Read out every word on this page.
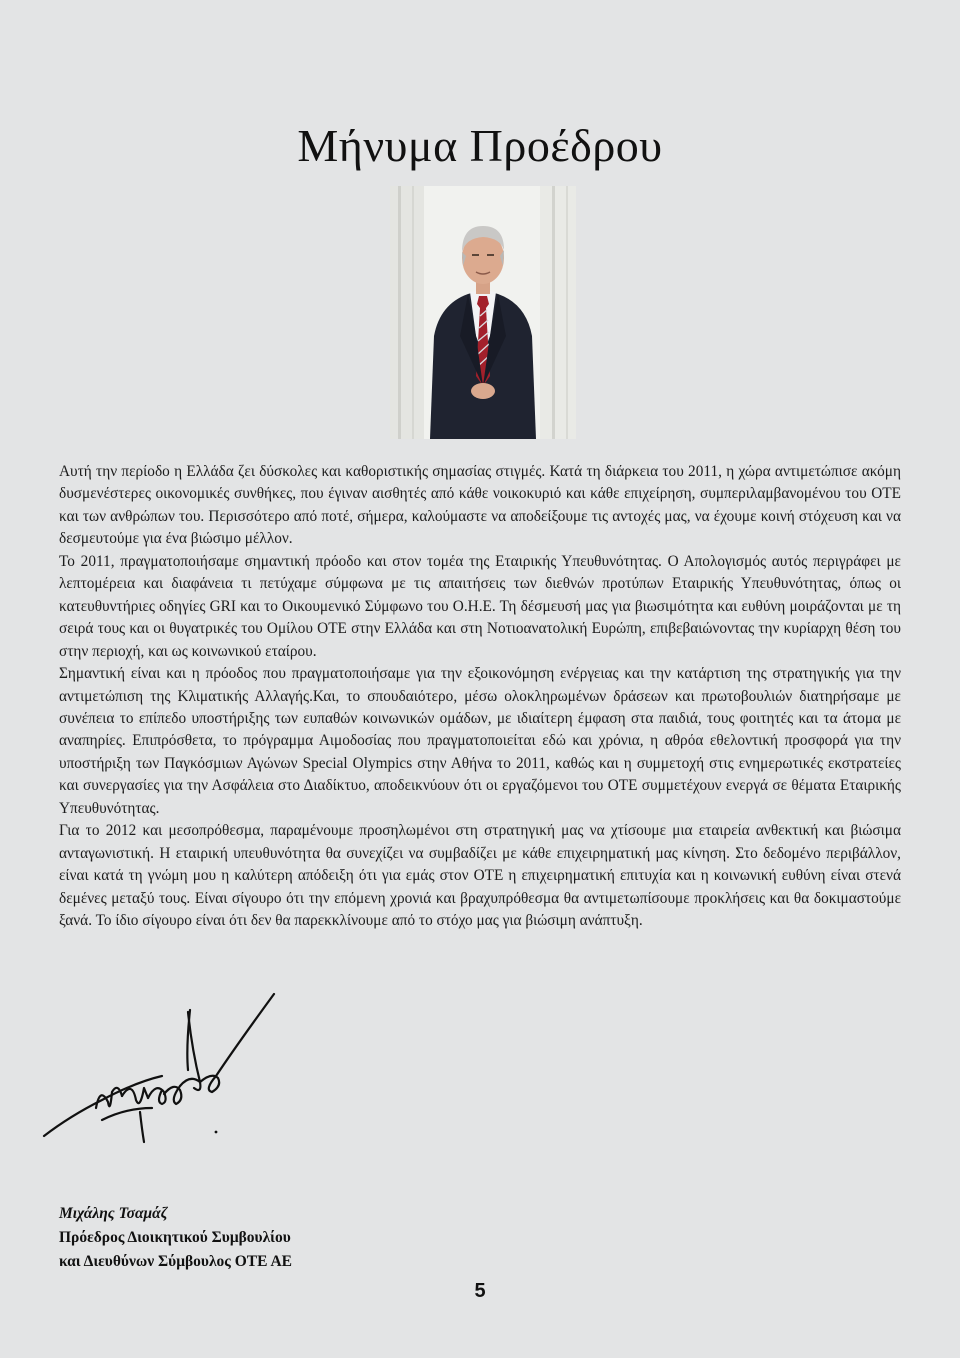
Μήνυμα Προέδρου

Αυτή την περίοδο η Ελλάδα ζει δύσκολες και καθοριστικής σημασίας στιγμές. Κατά τη διάρκεια του 2011, η χώρα αντιμετώπισε ακόμη δυσμενέστερες οικονομικές συνθήκες, που έγιναν αισθητές από κάθε νοικοκυριό και κάθε επιχείρηση, συμπεριλαμβανομένου του ΟΤΕ και των ανθρώπων του. Περισσότερο από ποτέ, σήμερα, καλούμαστε να αποδείξουμε τις αντοχές μας, να έχουμε κοινή στόχευση και να δεσμευτούμε για ένα βιώσιμο μέλλον.

Το 2011, πραγματοποιήσαμε σημαντική πρόοδο και στον τομέα της Εταιρικής Υπευθυνότητας. Ο Απολογισμός αυτός περιγράφει με λεπτομέρεια και διαφάνεια τι πετύχαμε σύμφωνα με τις απαιτήσεις των διεθνών προτύπων Εταιρικής Υπευθυνότητας, όπως οι κατευθυντήριες οδηγίες GRI και το Οικουμενικό Σύμφωνο του Ο.Η.Ε. Τη δέσμευσή μας για βιωσιμότητα και ευθύνη μοιράζονται με τη σειρά τους και οι θυγατρικές του Ομίλου ΟΤΕ στην Ελλάδα και στη Νοτιοανατολική Ευρώπη, επιβεβαιώνοντας την κυρίαρχη θέση του στην περιοχή, και ως κοινωνικού εταίρου.

Σημαντική είναι και η πρόοδος που πραγματοποιήσαμε για την εξοικονόμηση ενέργειας και την κατάρτιση της στρατηγικής για την αντιμετώπιση της Κλιματικής Αλλαγής.Και, το σπουδαιότερο, μέσω ολοκληρωμένων δράσεων και πρωτοβουλιών διατηρήσαμε με συνέπεια το επίπεδο υποστήριξης των ευπαθών κοινωνικών ομάδων, με ιδιαίτερη έμφαση στα παιδιά, τους φοιτητές και τα άτομα με αναπηρίες. Επιπρόσθετα, το πρόγραμμα Αιμοδοσίας που πραγματοποιείται εδώ και χρόνια, η αθρόα εθελοντική προσφορά για την υποστήριξη των Παγκόσμιων Αγώνων Special Olympics στην Αθήνα το 2011, καθώς και η συμμετοχή στις ενημερωτικές εκστρατείες και συνεργασίες για την Ασφάλεια στο Διαδίκτυο, αποδεικνύουν ότι οι εργαζόμενοι του ΟΤΕ συμμετέχουν ενεργά σε θέματα Εταιρικής Υπευθυνότητας.

Για το 2012 και μεσοπρόθεσμα, παραμένουμε προσηλωμένοι στη στρατηγική μας να χτίσουμε μια εταιρεία ανθεκτική και βιώσιμα ανταγωνιστική. Η εταιρική υπευθυνότητα θα συνεχίζει να συμβαδίζει με κάθε επιχειρηματική μας κίνηση. Στο δεδομένο περιβάλλον, είναι κατά τη γνώμη μου η καλύτερη απόδειξη ότι για εμάς στον ΟΤΕ η επιχειρηματική επιτυχία και η κοινωνική ευθύνη είναι στενά δεμένες μεταξύ τους. Είναι σίγουρο ότι την επόμενη χρονιά και βραχυπρόθεσμα θα αντιμετωπίσουμε προκλήσεις και θα δοκιμαστούμε ξανά. Το ίδιο σίγουρο είναι ότι δεν θα παρεκκλίνουμε από το στόχο μας για βιώσιμη ανάπτυξη.

Μιχάλης Τσαμάζ
Πρόεδρος Διοικητικού Συμβουλίου
και Διευθύνων Σύμβουλος ΟΤΕ ΑΕ
5
